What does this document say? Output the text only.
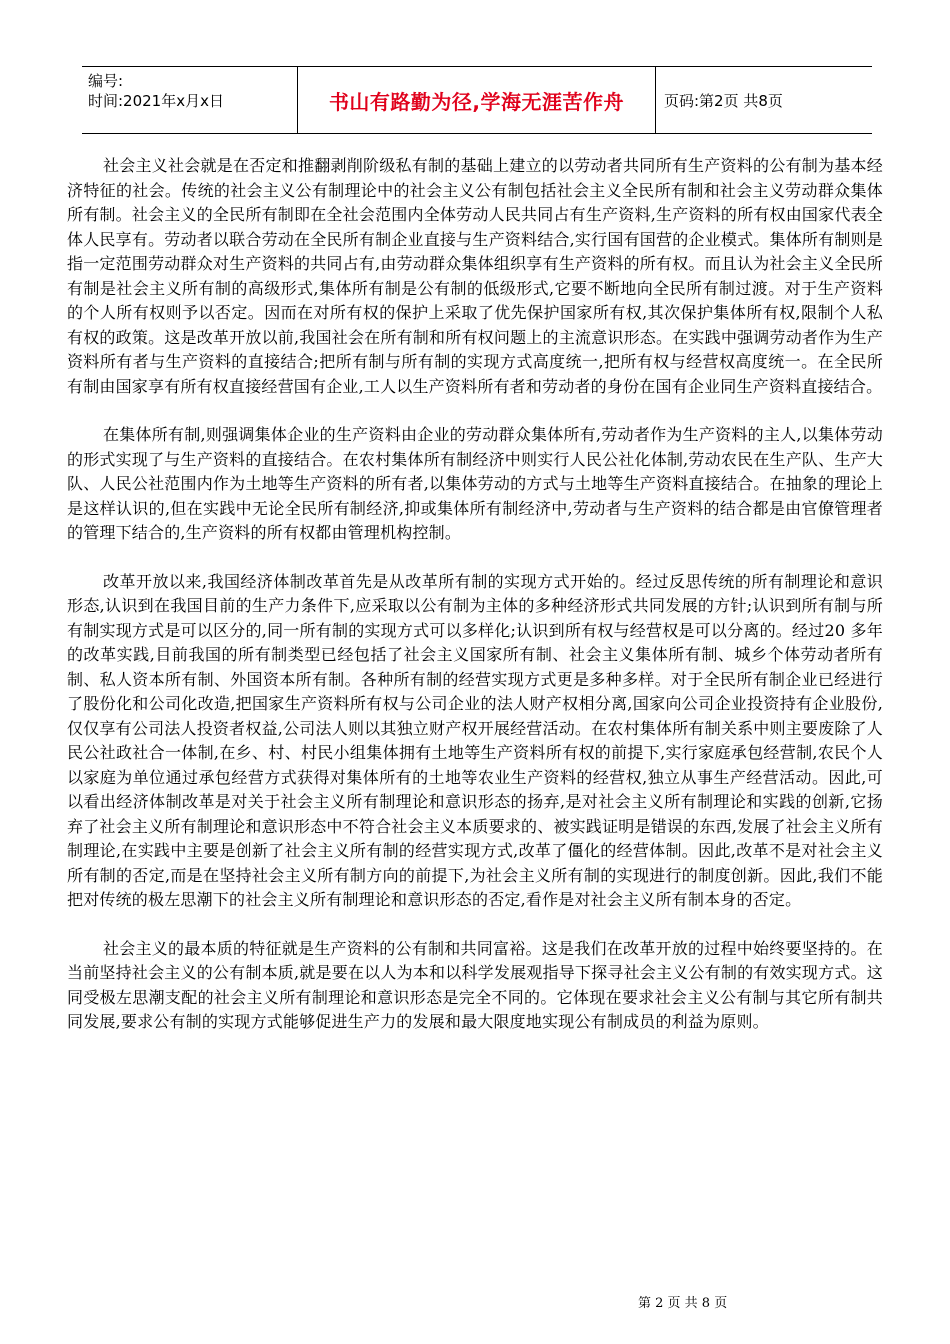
编号:
时间:2021年x月x日	书山有路勤为径,学海无涯苦作舟	页码:第2页 共8页

社会主义社会就是在否定和推翻剥削阶级私有制的基础上建立的以劳动者共同所有生产资料的公有制为基本经济特征的社会。传统的社会主义公有制理论中的社会主义公有制包括社会主义全民所有制和社会主义劳动群众集体所有制。社会主义的全民所有制即在全社会范围内全体劳动人民共同占有生产资料,生产资料的所有权由国家代表全体人民享有。劳动者以联合劳动在全民所有制企业直接与生产资料结合,实行国有国营的企业模式。集体所有制则是指一定范围劳动群众对生产资料的共同占有,由劳动群众集体组织享有生产资料的所有权。而且认为社会主义全民所有制是社会主义所有制的高级形式,集体所有制是公有制的低级形式,它要不断地向全民所有制过渡。对于生产资料的个人所有权则予以否定。因而在对所有权的保护上采取了优先保护国家所有权,其次保护集体所有权,限制个人私有权的政策。这是改革开放以前,我国社会在所有制和所有权问题上的主流意识形态。在实践中强调劳动者作为生产资料所有者与生产资料的直接结合;把所有制与所有制的实现方式高度统一,把所有权与经营权高度统一。在全民所有制由国家享有所有权直接经营国有企业,工人以生产资料所有者和劳动者的身份在国有企业同生产资料直接结合。

在集体所有制,则强调集体企业的生产资料由企业的劳动群众集体所有,劳动者作为生产资料的主人,以集体劳动的形式实现了与生产资料的直接结合。在农村集体所有制经济中则实行人民公社化体制,劳动农民在生产队、生产大队、人民公社范围内作为土地等生产资料的所有者,以集体劳动的方式与土地等生产资料直接结合。在抽象的理论上是这样认识的,但在实践中无论全民所有制经济,抑或集体所有制经济中,劳动者与生产资料的结合都是由官僚管理者的管理下结合的,生产资料的所有权都由管理机构控制。

改革开放以来,我国经济体制改革首先是从改革所有制的实现方式开始的。经过反思传统的所有制理论和意识形态,认识到在我国目前的生产力条件下,应采取以公有制为主体的多种经济形式共同发展的方针;认识到所有制与所有制实现方式是可以区分的,同一所有制的实现方式可以多样化;认识到所有权与经营权是可以分离的。经过20 多年的改革实践,目前我国的所有制类型已经包括了社会主义国家所有制、社会主义集体所有制、城乡个体劳动者所有制、私人资本所有制、外国资本所有制。各种所有制的经营实现方式更是多种多样。对于全民所有制企业已经进行了股份化和公司化改造,把国家生产资料所有权与公司企业的法人财产权相分离,国家向公司企业投资持有企业股份,仅仅享有公司法人投资者权益,公司法人则以其独立财产权开展经营活动。在农村集体所有制关系中则主要废除了人民公社政社合一体制,在乡、村、村民小组集体拥有土地等生产资料所有权的前提下,实行家庭承包经营制,农民个人以家庭为单位通过承包经营方式获得对集体所有的土地等农业生产资料的经营权,独立从事生产经营活动。因此,可以看出经济体制改革是对关于社会主义所有制理论和意识形态的扬弃,是对社会主义所有制理论和实践的创新,它扬弃了社会主义所有制理论和意识形态中不符合社会主义本质要求的、被实践证明是错误的东西,发展了社会主义所有制理论,在实践中主要是创新了社会主义所有制的经营实现方式,改革了僵化的经营体制。因此,改革不是对社会主义所有制的否定,而是在坚持社会主义所有制方向的前提下,为社会主义所有制的实现进行的制度创新。因此,我们不能把对传统的极左思潮下的社会主义所有制理论和意识形态的否定,看作是对社会主义所有制本身的否定。

社会主义的最本质的特征就是生产资料的公有制和共同富裕。这是我们在改革开放的过程中始终要坚持的。在当前坚持社会主义的公有制本质,就是要在以人为本和以科学发展观指导下探寻社会主义公有制的有效实现方式。这同受极左思潮支配的社会主义所有制理论和意识形态是完全不同的。它体现在要求社会主义公有制与其它所有制共同发展,要求公有制的实现方式能够促进生产力的发展和最大限度地实现公有制成员的利益为原则。

第 2 页 共 8 页
